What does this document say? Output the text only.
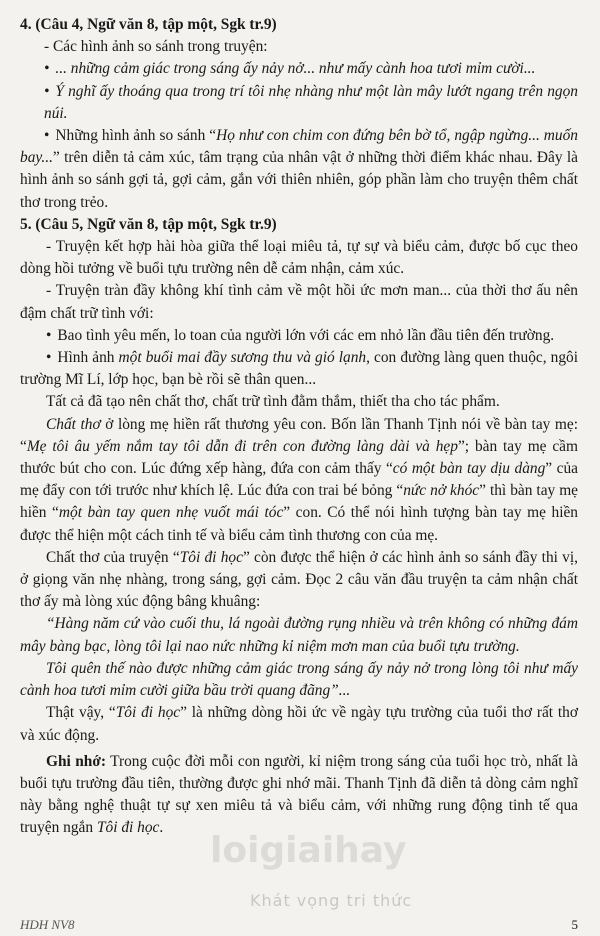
4. (Câu 4, Ngữ văn 8, tập một, Sgk tr.9)

- Các hình ảnh so sánh trong truyện:

• ... những cảm giác trong sáng ấy nảy nở... như mấy cành hoa tươi mỉm cười...

• Ý nghĩ ấy thoáng qua trong trí tôi nhẹ nhàng như một làn mây lướt ngang trên ngọn núi.

• Những hình ảnh so sánh “Họ như con chim con đứng bên bờ tổ, ngập ngừng... muốn bay...” trên diễn tả cảm xúc, tâm trạng của nhân vật ở những thời điểm khác nhau. Đây là hình ảnh so sánh gợi tả, gợi cảm, gắn với thiên nhiên, góp phần làm cho truyện thêm chất thơ trong trẻo.

5. (Câu 5, Ngữ văn 8, tập một, Sgk tr.9)

- Truyện kết hợp hài hòa giữa thể loại miêu tả, tự sự và biểu cảm, được bố cục theo dòng hồi tưởng về buổi tựu trường nên dễ cảm nhận, cảm xúc.

- Truyện tràn đầy không khí tình cảm về một hồi ức mơn man... của thời thơ ấu nên đậm chất trữ tình với:

• Bao tình yêu mến, lo toan của người lớn với các em nhỏ lần đầu tiên đến trường.

• Hình ảnh một buổi mai đầy sương thu và gió lạnh, con đường làng quen thuộc, ngôi trường Mĩ Lí, lớp học, bạn bè rồi sẽ thân quen...

Tất cả đã tạo nên chất thơ, chất trữ tình đằm thắm, thiết tha cho tác phẩm.

Chất thơ ở lòng mẹ hiền rất thương yêu con. Bốn lần Thanh Tịnh nói về bàn tay mẹ: “Mẹ tôi âu yếm nắm tay tôi dẫn đi trên con đường làng dài và hẹp”; bàn tay mẹ cầm thước bút cho con. Lúc đứng xếp hàng, đứa con cảm thấy “có một bàn tay dịu dàng” của mẹ đẩy con tới trước như khích lệ. Lúc đứa con trai bé bỏng “nức nở khóc” thì bàn tay mẹ hiền “một bàn tay quen nhẹ vuốt mái tóc” con. Có thể nói hình tượng bàn tay mẹ hiền được thể hiện một cách tinh tế và biểu cảm tình thương con của mẹ.

Chất thơ của truyện “Tôi đi học” còn được thể hiện ở các hình ảnh so sánh đầy thi vị, ở giọng văn nhẹ nhàng, trong sáng, gợi cảm. Đọc 2 câu văn đầu truyện ta cảm nhận chất thơ ấy mà lòng xúc động bâng khuâng:

“Hàng năm cứ vào cuối thu, lá ngoài đường rụng nhiều và trên không có những đám mây bàng bạc, lòng tôi lại nao nức những kỉ niệm mơn man của buổi tựu trường.

Tôi quên thế nào được những cảm giác trong sáng ấy nảy nở trong lòng tôi như mấy cành hoa tươi mỉm cười giữa bầu trời quang đãng”...

Thật vậy, “Tôi đi học” là những dòng hồi ức về ngày tựu trường của tuổi thơ rất thơ và xúc động.

Ghi nhớ: Trong cuộc đời mỗi con người, kỉ niệm trong sáng của tuổi học trò, nhất là buổi tựu trường đầu tiên, thường được ghi nhớ mãi. Thanh Tịnh đã diễn tả dòng cảm nghĩ này bằng nghệ thuật tự sự xen miêu tả và biểu cảm, với những rung động tinh tế qua truyện ngắn Tôi đi học.

loigiaihay
Khát vọng tri thức
HDH NV8	5
